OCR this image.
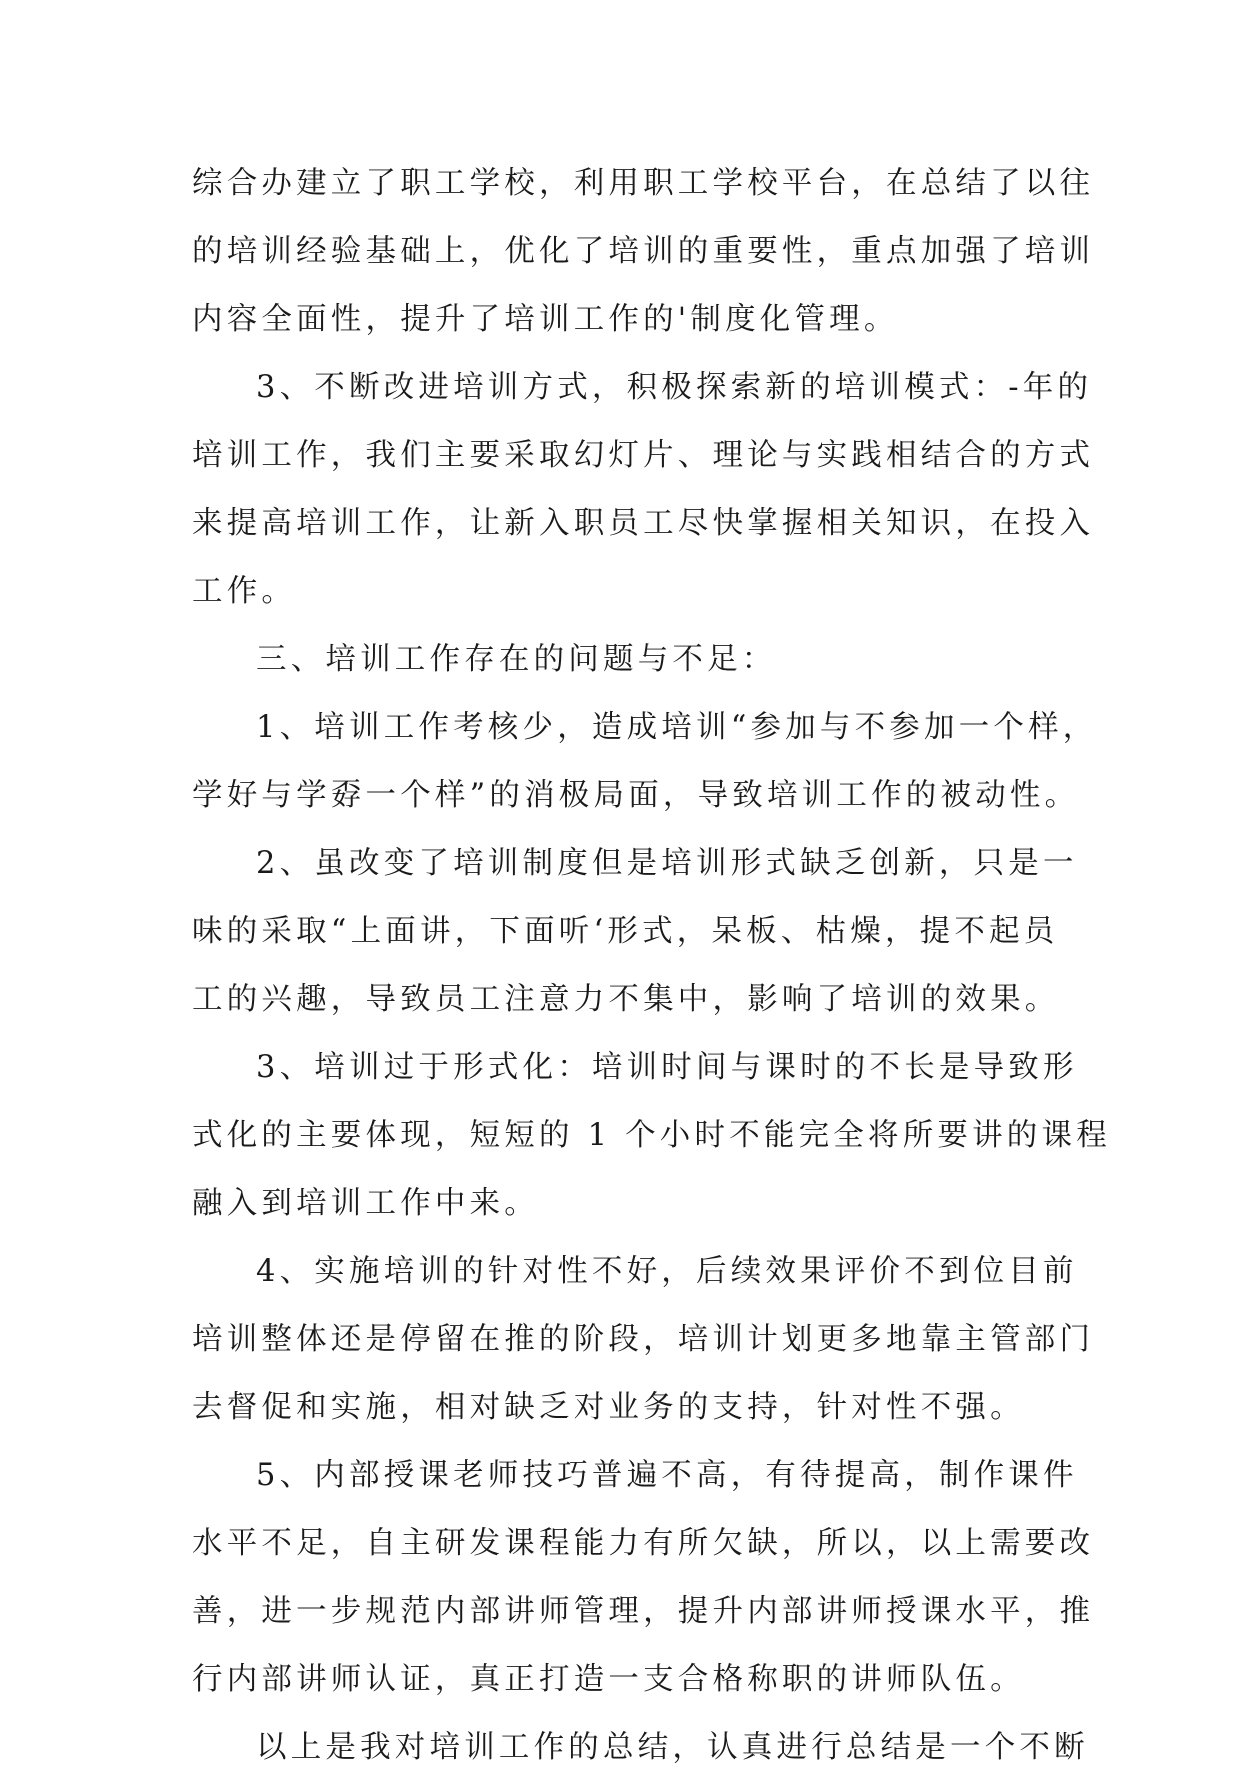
综合办建立了职工学校，利用职工学校平台，在总结了以往
的培训经验基础上，优化了培训的重要性，重点加强了培训
内容全面性，提升了培训工作的'制度化管理。
3、不断改进培训方式，积极探索新的培训模式：-年的
培训工作，我们主要采取幻灯片、理论与实践相结合的方式
来提高培训工作，让新入职员工尽快掌握相关知识，在投入
工作。
三、培训工作存在的问题与不足：
1、培训工作考核少，造成培训“参加与不参加一个样，
学好与学孬一个样”的消极局面，导致培训工作的被动性。
2、虽改变了培训制度但是培训形式缺乏创新，只是一
味的采取“上面讲，下面听‘形式，呆板、枯燥，提不起员
工的兴趣，导致员工注意力不集中，影响了培训的效果。
3、培训过于形式化：培训时间与课时的不长是导致形
式化的主要体现，短短的 1 个小时不能完全将所要讲的课程
融入到培训工作中来。
4、实施培训的针对性不好，后续效果评价不到位目前
培训整体还是停留在推的阶段，培训计划更多地靠主管部门
去督促和实施，相对缺乏对业务的支持，针对性不强。
5、内部授课老师技巧普遍不高，有待提高，制作课件
水平不足，自主研发课程能力有所欠缺，所以，以上需要改
善，进一步规范内部讲师管理，提升内部讲师授课水平，推
行内部讲师认证，真正打造一支合格称职的讲师队伍。
以上是我对培训工作的总结，认真进行总结是一个不断
